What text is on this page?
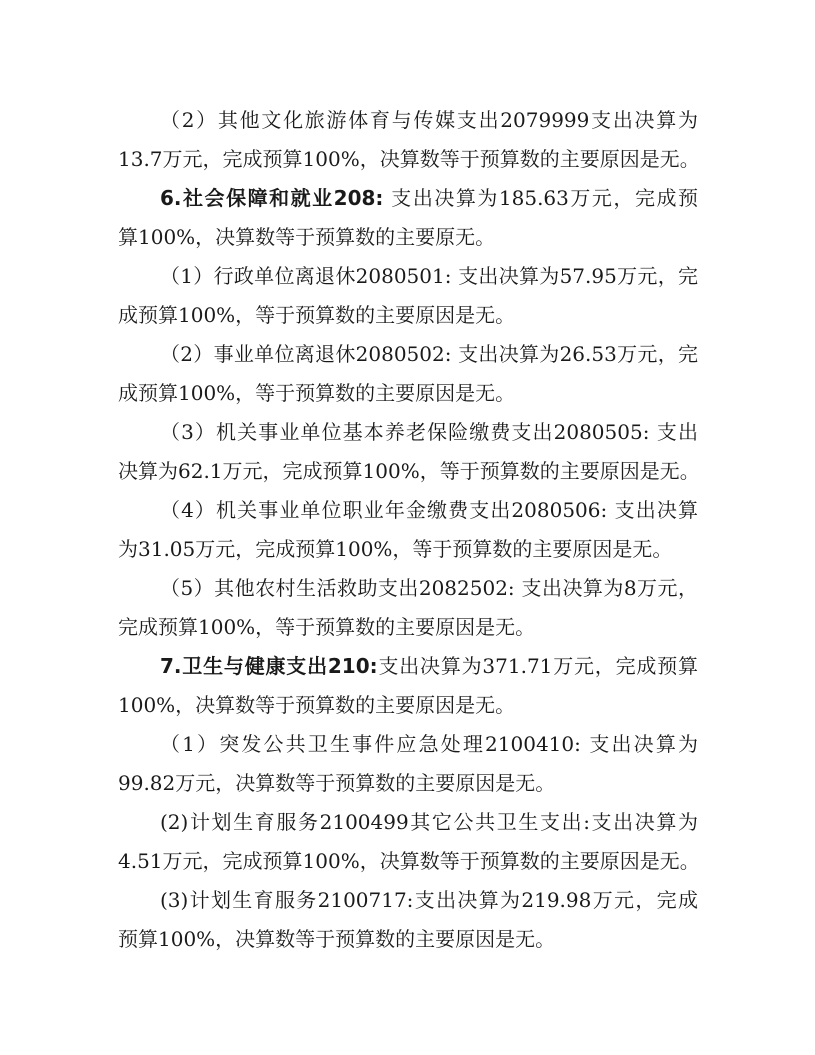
（2）其他文化旅游体育与传媒支出2079999支出决算为
13.7万元，完成预算100%，决算数等于预算数的主要原因是无。
6.社会保障和就业208: 支出决算为185.63万元，完成预
算100%，决算数等于预算数的主要原无。
（1）行政单位离退休2080501: 支出决算为57.95万元，完
成预算100%，等于预算数的主要原因是无。
（2）事业单位离退休2080502: 支出决算为26.53万元，完
成预算100%，等于预算数的主要原因是无。
（3）机关事业单位基本养老保险缴费支出2080505: 支出
决算为62.1万元，完成预算100%，等于预算数的主要原因是无。
（4）机关事业单位职业年金缴费支出2080506: 支出决算
为31.05万元，完成预算100%，等于预算数的主要原因是无。
（5）其他农村生活救助支出2082502: 支出决算为8万元，
完成预算100%，等于预算数的主要原因是无。
7.卫生与健康支出210:支出决算为371.71万元，完成预算
100%，决算数等于预算数的主要原因是无。
（1）突发公共卫生事件应急处理2100410: 支出决算为
99.82万元，决算数等于预算数的主要原因是无。
(2)计划生育服务2100499其它公共卫生支出:支出决算为
4.51万元，完成预算100%，决算数等于预算数的主要原因是无。
(3)计划生育服务2100717:支出决算为219.98万元，完成
预算100%，决算数等于预算数的主要原因是无。
